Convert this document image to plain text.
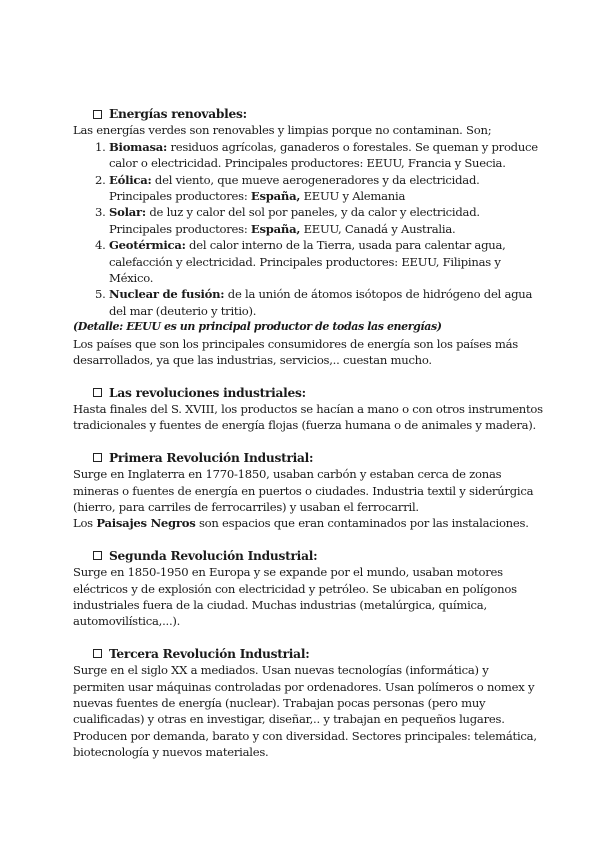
Energías renovables:

Las energías verdes son renovables y limpias porque no contaminan. Son;

1. Biomasa: residuos agrícolas, ganaderos o forestales. Se queman y produce calor o electricidad. Principales productores: EEUU, Francia y Suecia.
2. Eólica: del viento, que mueve aerogeneradores y da electricidad. Principales productores: España, EEUU y Alemania
3. Solar: de luz y calor del sol por paneles, y da calor y electricidad. Principales productores: España, EEUU, Canadá y Australia.
4. Geotérmica: del calor interno de la Tierra, usada para calentar agua, calefacción y electricidad. Principales productores: EEUU, Filipinas y México.
5. Nuclear de fusión: de la unión de átomos isótopos de hidrógeno del agua del mar (deuterio y tritio).

(Detalle: EEUU es un principal productor de todas las energías)

Los países que son los principales consumidores de energía son los países más desarrollados, ya que las industrias, servicios,.. cuestan mucho.

Las revoluciones industriales:

Hasta finales del S. XVIII, los productos se hacían a mano o con otros instrumentos tradicionales y fuentes de energía flojas (fuerza humana o de animales y madera).

Primera Revolución Industrial:

Surge en Inglaterra en 1770-1850, usaban carbón y estaban cerca de zonas mineras o fuentes de energía en puertos o ciudades. Industria textil y siderúrgica (hierro, para carriles de ferrocarriles) y usaban el ferrocarril.

Los Paisajes Negros son espacios que eran contaminados por las instalaciones.

Segunda Revolución Industrial:

Surge en 1850-1950 en Europa y se expande por el mundo, usaban motores eléctricos y de explosión con electricidad y petróleo. Se ubicaban en polígonos industriales fuera de la ciudad. Muchas industrias (metalúrgica, química, automovilística,...).

Tercera Revolución Industrial:

Surge en el siglo XX a mediados. Usan nuevas tecnologías (informática) y permiten usar máquinas controladas por ordenadores. Usan polímeros o nomex y nuevas fuentes de energía (nuclear). Trabajan pocas personas (pero muy cualificadas) y otras en investigar, diseñar,.. y trabajan en pequeños lugares. Producen por demanda, barato y con diversidad. Sectores principales: telemática, biotecnología y nuevos materiales.
